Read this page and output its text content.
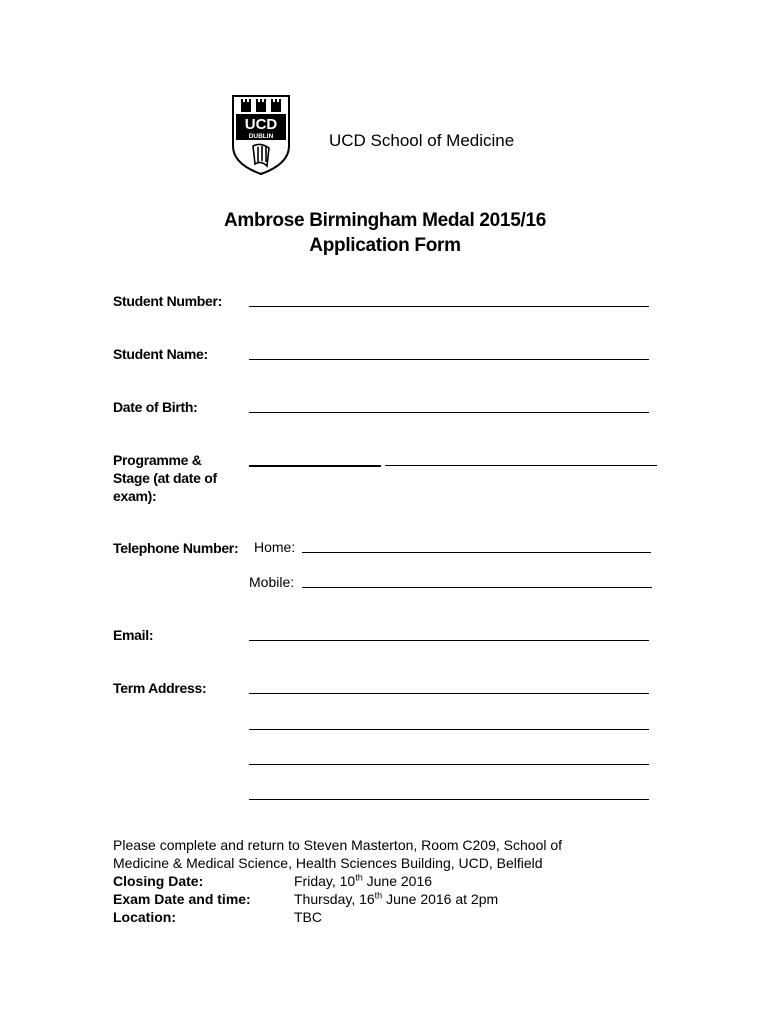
UCD
DUBLIN	UCD School of Medicine
Ambrose Birmingham Medal 2015/16
Application Form
Student Number:
Student Name:
Date of Birth:
Programme &
Stage (at date of
exam):
Telephone Number: Home:
Mobile:
Email:
Term Address:
Please complete and return to Steven Masterton, Room C209, School of
Medicine & Medical Science, Health Sciences Building, UCD, Belfield
Closing Date:	Friday, 10th June 2016
Exam Date and time:	Thursday, 16th June 2016 at 2pm
Location:	TBC
